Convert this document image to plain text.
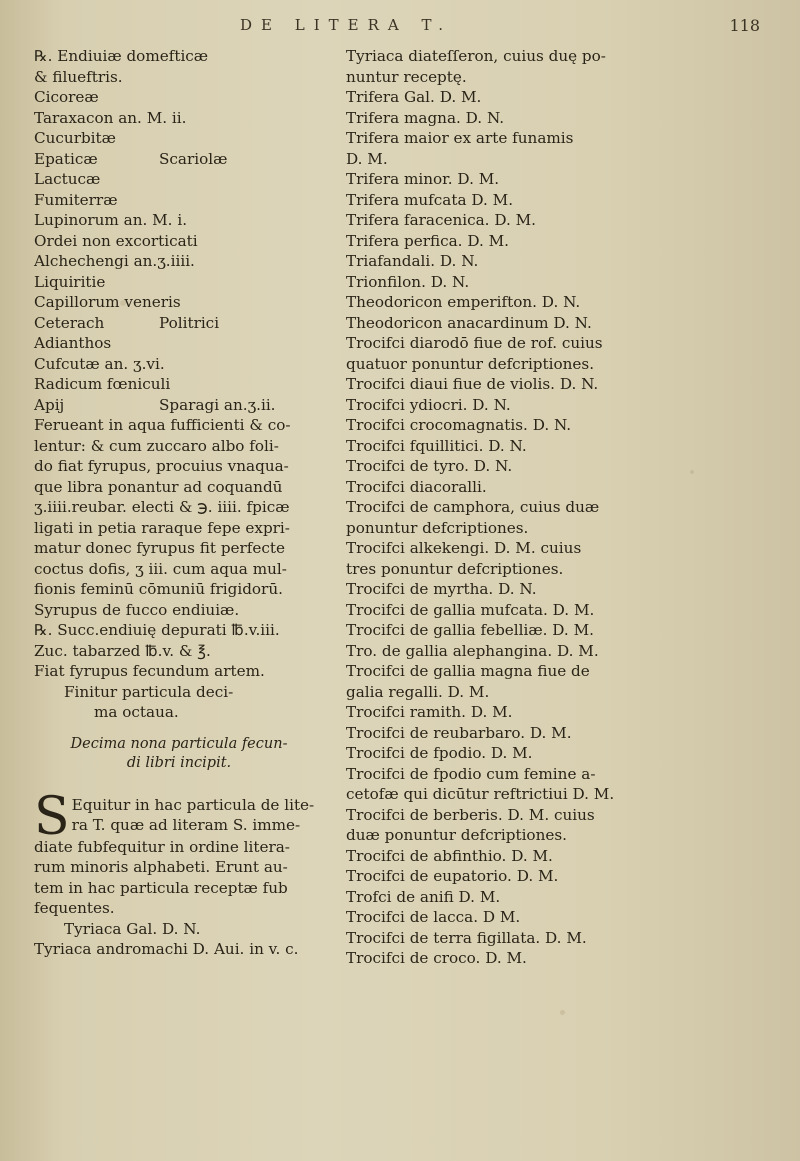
DE LITERA T.	118
℞. Endiuiæ domefticæ
& filueftris.
Cicoreæ
Taraxacon an. M. ii.
Cucurbitæ
Epaticæ	Scariolæ
Lactucæ
Fumiterræ
Lupinorum an. M. i.
Ordei non excorticati
Alchechengi an.ʒ.iiii.
Liquiritie
Capillorum veneris
Ceterach	Politrici
Adianthos
Cufcutæ an. ʒ.vi.
Radicum fœniculi
Apij	Sparagi an.ʒ.ii.
Ferueant in aqua fufficienti & co-
lentur: & cum zuccaro albo foli-
do fiat fyrupus, procuius vnaqua-
que libra ponantur ad coquandū
ʒ.iiii.reubar. electi & ℈. iiii. fpicæ
ligati in petia raraque fepe expri-
matur donec fyrupus fit perfecte
coctus dofis, ʒ iii. cum aqua mul-
fionis feminū cōmuniū frigidorū.
Syrupus de fucco endiuiæ.
℞. Succ.endiuię depurati ℔.v.iii.
Zuc. tabarzed ℔.v. & ℥.
Fiat fyrupus fecundum artem.
Finitur particula deci-
ma octaua.
Decima nona particula fecun-
di libri incipit.
S Equitur in hac particula de lite-
ra T. quæ ad literam S. imme-
diate fubfequitur in ordine litera-
rum minoris alphabeti. Erunt au-
tem in hac particula receptæ fub
fequentes.
Tyriaca Gal. D. N.
Tyriaca andromachi D. Aui. in v. c.
Tyriaca diateſſeron, cuius duę po-
nuntur receptę.
Trifera Gal. D. M.
Trifera magna. D. N.
Trifera maior ex arte funamis
D. M.
Trifera minor. D. M.
Trifera mufcata D. M.
Trifera faracenica. D. M.
Trifera perfica. D. M.
Triafandali. D. N.
Trionfilon. D. N.
Theodoricon emperifton. D. N.
Theodoricon anacardinum D. N.
Trocifci diarodō fiue de rof. cuius
quatuor ponuntur defcriptiones.
Trocifci diaui fiue de violis. D. N.
Trocifci ydiocri. D. N.
Trocifci crocomagnatis. D. N.
Trocifci fquillitici. D. N.
Trocifci de tyro. D. N.
Trocifci diacoralli.
Trocifci de camphora, cuius duæ
ponuntur defcriptiones.
Trocifci alkekengi. D. M. cuius
tres ponuntur defcriptiones.
Trocifci de myrtha. D. N.
Trocifci de gallia mufcata. D. M.
Trocifci de gallia febelliæ. D. M.
Tro. de gallia alephangina. D. M.
Trocifci de gallia magna fiue de
galia regalli. D. M.
Trocifci ramith. D. M.
Trocifci de reubarbaro. D. M.
Trocifci de fpodio. D. M.
Trocifci de fpodio cum femine a-
cetofæ qui dicūtur reftrictiui D. M.
Trocifci de berberis. D. M. cuius
duæ ponuntur defcriptiones.
Trocifci de abfinthio. D. M.
Trocifci de eupatorio. D. M.
Trofci de anifi D. M.
Trocifci de lacca. D M.
Trocifci de terra figillata. D. M.
Trocifci de croco. D. M.
